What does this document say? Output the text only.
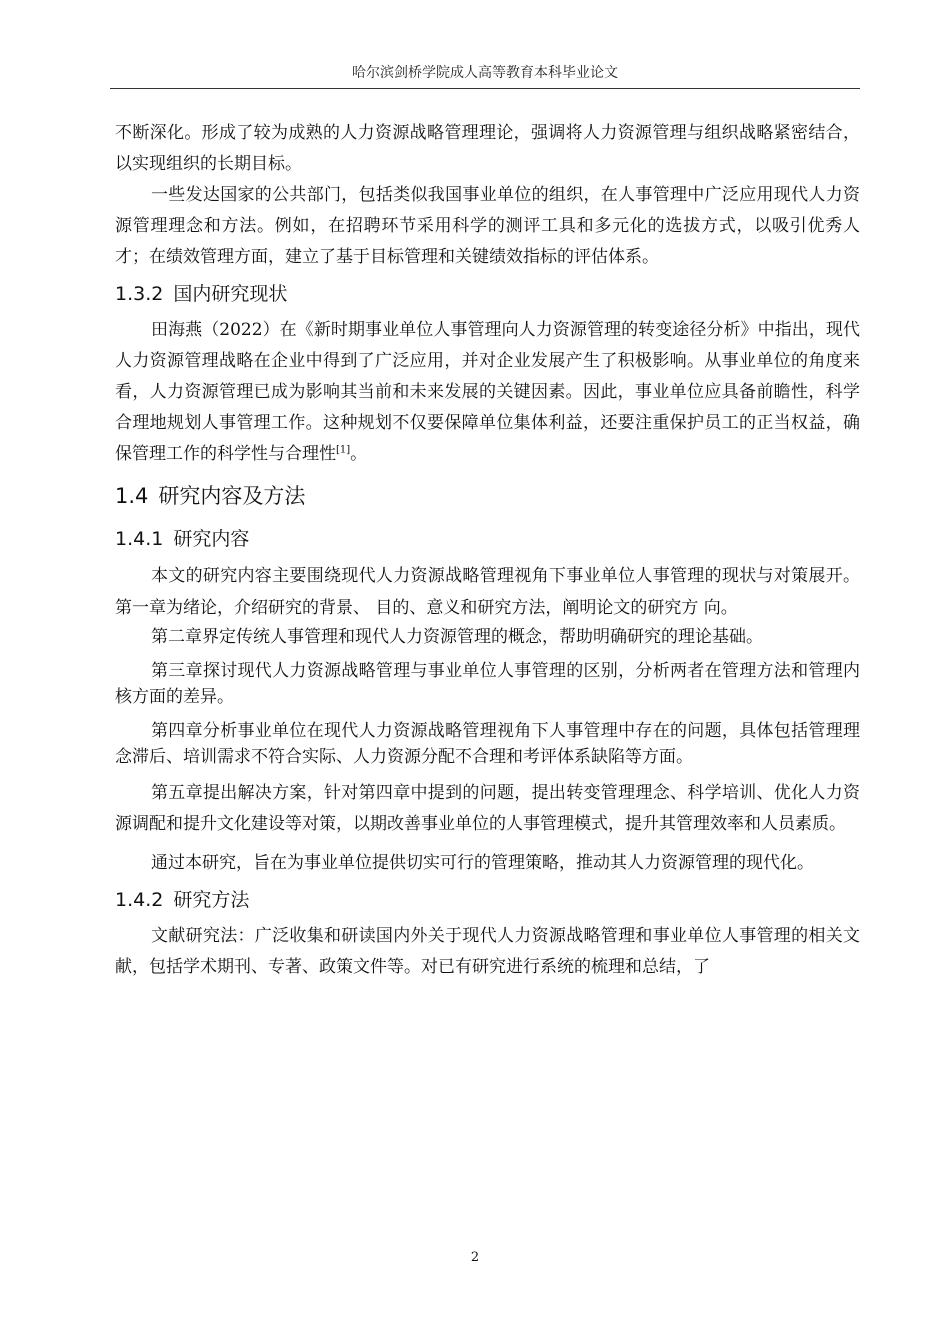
哈尔滨剑桥学院成人高等教育本科毕业论文

不断深化。形成了较为成熟的人力资源战略管理理论，强调将人力资源管理与组织战略紧密结合，以实现组织的长期目标。

一些发达国家的公共部门，包括类似我国事业单位的组织，在人事管理中广泛应用现代人力资源管理理念和方法。例如，在招聘环节采用科学的测评工具和多元化的选拔方式，以吸引优秀人才；在绩效管理方面，建立了基于目标管理和关键绩效指标的评估体系。

1.3.2 国内研究现状

田海燕（2022）在《新时期事业单位人事管理向人力资源管理的转变途径分析》中指出，现代人力资源管理战略在企业中得到了广泛应用，并对企业发展产生了积极影响。从事业单位的角度来看，人力资源管理已成为影响其当前和未来发展的关键因素。因此，事业单位应具备前瞻性，科学合理地规划人事管理工作。这种规划不仅要保障单位集体利益，还要注重保护员工的正当权益，确保管理工作的科学性与合理性[1]。

1.4 研究内容及方法
1.4.1 研究内容

本文的研究内容主要围绕现代人力资源战略管理视角下事业单位人事管理的现状与对策展开。第一章为绪论，介绍研究的背景、 目的、意义和研究方法，阐明论文的研究方 向。

第二章界定传统人事管理和现代人力资源管理的概念，帮助明确研究的理论基础。

第三章探讨现代人力资源战略管理与事业单位人事管理的区别，分析两者在管理方法和管理内核方面的差异。

第四章分析事业单位在现代人力资源战略管理视角下人事管理中存在的问题，具体包括管理理念滞后、培训需求不符合实际、人力资源分配不合理和考评体系缺陷等方面。

第五章提出解决方案，针对第四章中提到的问题，提出转变管理理念、科学培训、优化人力资源调配和提升文化建设等对策，以期改善事业单位的人事管理模式，提升其管理效率和人员素质。

通过本研究，旨在为事业单位提供切实可行的管理策略，推动其人力资源管理的现代化。

1.4.2 研究方法

文献研究法：广泛收集和研读国内外关于现代人力资源战略管理和事业单位人事管理的相关文献，包括学术期刊、专著、政策文件等。对已有研究进行系统的梳理和总结，了

2
